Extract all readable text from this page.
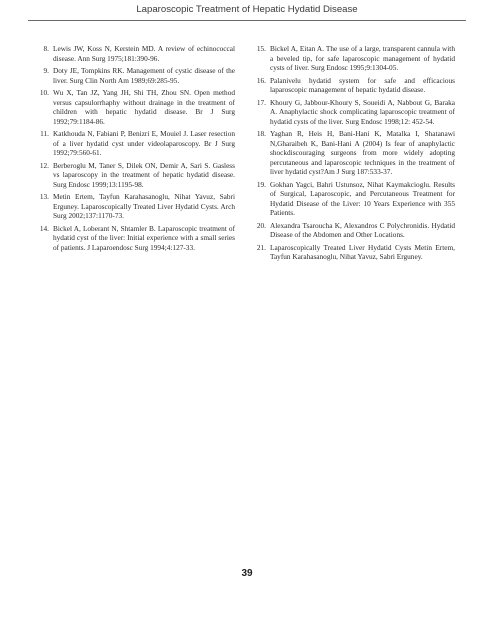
Laparoscopic Treatment of Hepatic Hydatid Disease
8. Lewis JW, Koss N, Kerstein MD. A review of echinococcal disease. Ann Surg 1975;181:390-96.
9. Doty JE, Tompkins RK. Management of cystic disease of the liver. Surg Clin North Am 1989;69:285-95.
10. Wu X, Tan JZ, Yang JH, Shi TH, Zhou SN. Open method versus capsulorrhaphy without drainage in the treatment of children with hepatic hydatid disease. Br J Surg 1992;79:1184-86.
11. Katkhouda N, Fabiani P, Benizri E, Mouiel J. Laser resection of a liver hydatid cyst under videolaparoscopy. Br J Surg 1992;79:560-61.
12. Berberoglu M, Taner S, Dilek ON, Demir A, Sari S. Gasless vs laparoscopy in the treatment of hepatic hydatid disease. Surg Endosc 1999;13:1195-98.
13. Metin Ertem, Tayfun Karahasanoglu, Nihat Yavuz, Sabri Erguney. Laparoscopically Treated Liver Hydatid Cysts. Arch Surg 2002;137:1170-73.
14. Bickel A, Loberant N, Shtamler B. Laparoscopic treatment of hydatid cyst of the liver: Initial experience with a small series of patients. J Laparoendosc Surg 1994;4:127-33.
15. Bickel A, Eitan A. The use of a large, transparent cannula with a beveled tip, for safe laparoscopic management of hydatid cysts of liver. Surg Endosc 1995;9:1304-05.
16. Palanivelu hydatid system for safe and efficacious laparoscopic management of hepatic hydatid disease.
17. Khoury G, Jabbour-Khoury S, Soueidi A, Nabbout G, Baraka A. Anaphylactic shock complicating laparoscopic treatment of hydatid cysts of the liver. Surg Endosc 1998;12: 452-54.
18. Yaghan R, Heis H, Bani-Hani K, Matalka I, Shatanawi N,Gharaibeh K, Bani-Hani A (2004) Is fear of anaphylactic shockdiscouraging surgeons from more widely adopting percutaneous and laparoscopic techniques in the treatment of liver hydatid cyst?Am J Surg 187:533-37.
19. Gokhan Yagci, Bahri Ustunsoz, Nihat Kaymakcioglu. Results of Surgical, Laparoscopic, and Percutaneous Treatment for Hydatid Disease of the Liver: 10 Years Experience with 355 Patients.
20. Alexandra Tsaroucha K, Alexandros C Polychronidis. Hydatid Disease of the Abdomen and Other Locations.
21. Laparoscopically Treated Liver Hydatid Cysts Metin Ertem, Tayfun Karahasanoglu, Nihat Yavuz, Sabri Erguney.
39
